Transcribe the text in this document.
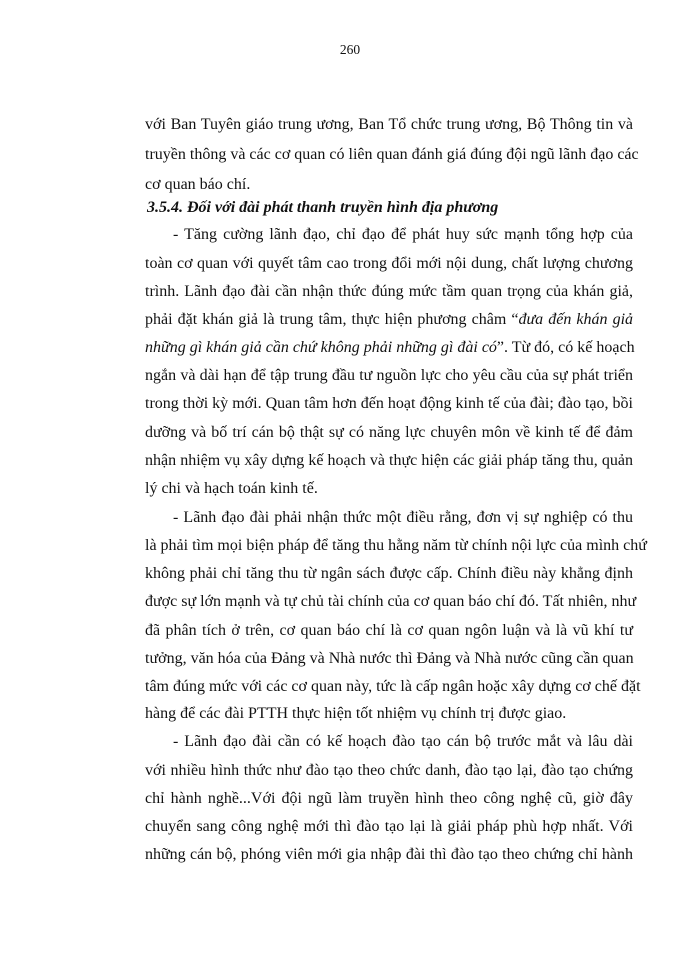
260
với Ban Tuyên giáo trung ương, Ban Tổ chức trung ương, Bộ Thông tin và
truyền thông và các cơ quan có liên quan đánh giá đúng đội ngũ lãnh đạo các
cơ quan báo chí.
3.5.4. Đối với đài phát thanh truyền hình địa phương
- Tăng cường lãnh đạo, chỉ đạo để phát huy sức mạnh tổng hợp của
toàn cơ quan với quyết tâm cao trong đổi mới nội dung, chất lượng chương
trình. Lãnh đạo đài cần nhận thức đúng mức tầm quan trọng của khán giả,
phải đặt khán giả là trung tâm, thực hiện phương châm “đưa đến khán giả
những gì khán giả cần chứ không phải những gì đài có”. Từ đó, có kế hoạch
ngắn và dài hạn để tập trung đầu tư nguồn lực cho yêu cầu của sự phát triển
trong thời kỳ mới. Quan tâm hơn đến hoạt động kinh tế của đài; đào tạo, bồi
dưỡng và bố trí cán bộ thật sự có năng lực chuyên môn về kinh tế để đảm
nhận nhiệm vụ xây dựng kế hoạch và thực hiện các giải pháp tăng thu, quản
lý chi và hạch toán kinh tế.
- Lãnh đạo đài phải nhận thức một điều rằng, đơn vị sự nghiệp có thu
là phải tìm mọi biện pháp để tăng thu hằng năm từ chính nội lực của mình chứ
không phải chỉ tăng thu từ ngân sách được cấp. Chính điều này khẳng định
được sự lớn mạnh và tự chủ tài chính của cơ quan báo chí đó. Tất nhiên, như
đã phân tích ở trên, cơ quan báo chí là cơ quan ngôn luận và là vũ khí tư
tưởng, văn hóa của Đảng và Nhà nước thì Đảng và Nhà nước cũng cần quan
tâm đúng mức với các cơ quan này, tức là cấp ngân hoặc xây dựng cơ chế đặt
hàng để các đài PTTH thực hiện tốt nhiệm vụ chính trị được giao.
- Lãnh đạo đài cần có kế hoạch đào tạo cán bộ trước mắt và lâu dài
với nhiều hình thức như đào tạo theo chức danh, đào tạo lại, đào tạo chứng
chỉ hành nghề...Với đội ngũ làm truyền hình theo công nghệ cũ, giờ đây
chuyển sang công nghệ mới thì đào tạo lại là giải pháp phù hợp nhất. Với
những cán bộ, phóng viên mới gia nhập đài thì đào tạo theo chứng chỉ hành
